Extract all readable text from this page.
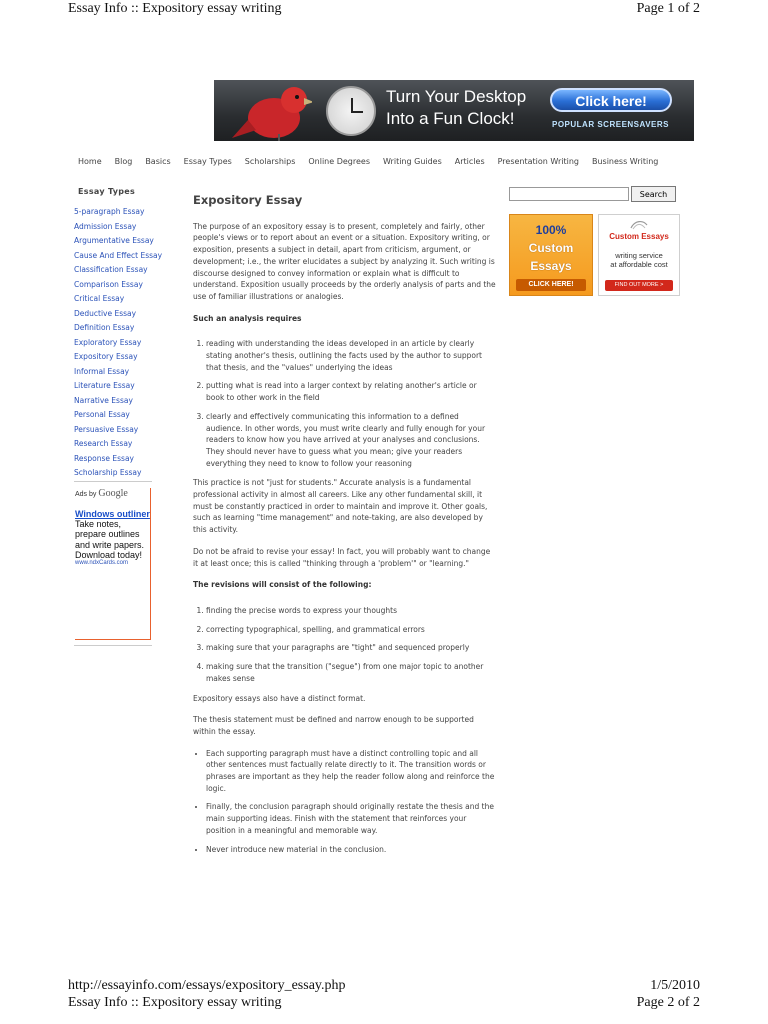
Essay Info :: Expository essay writing	Page 1 of 2
Turn Your Desktop
Into a Fun Clock!
Click here!
POPULAR SCREENSAVERS
Home Blog Basics Essay Types Scholarships Online Degrees Writing Guides Articles Presentation Writing Business Writing
Essay Types
5-paragraph Essay
Admission Essay
Argumentative Essay
Cause And Effect Essay
Classification Essay
Comparison Essay
Critical Essay
Deductive Essay
Definition Essay
Exploratory Essay
Expository Essay
Informal Essay
Literature Essay
Narrative Essay
Personal Essay
Persuasive Essay
Research Essay
Response Essay
Scholarship Essay
Ads by Google
Windows outliner
Take notes, prepare outlines and write papers. Download today!
www.ndxCards.com
Expository Essay

The purpose of an expository essay is to present, completely and fairly, other people's views or to report about an event or a situation. Expository writing, or exposition, presents a subject in detail, apart from criticism, argument, or development; i.e., the writer elucidates a subject by analyzing it. Such writing is discourse designed to convey information or explain what is difficult to understand. Exposition usually proceeds by the orderly analysis of parts and the use of familiar illustrations or analogies.

Such an analysis requires

1. reading with understanding the ideas developed in an article by clearly stating another's thesis, outlining the facts used by the author to support that thesis, and the "values" underlying the ideas
2. putting what is read into a larger context by relating another's article or book to other work in the field
3. clearly and effectively communicating this information to a defined audience. In other words, you must write clearly and fully enough for your readers to know how you have arrived at your analyses and conclusions. They should never have to guess what you mean; give your readers everything they need to know to follow your reasoning

This practice is not "just for students." Accurate analysis is a fundamental professional activity in almost all careers. Like any other fundamental skill, it must be constantly practiced in order to maintain and improve it. Other goals, such as learning "time management" and note-taking, are also developed by this activity.

Do not be afraid to revise your essay! In fact, you will probably want to change it at least once; this is called "thinking through a 'problem'" or "learning."

The revisions will consist of the following:

1. finding the precise words to express your thoughts
2. correcting typographical, spelling, and grammatical errors
3. making sure that your paragraphs are "tight" and sequenced properly
4. making sure that the transition ("segue") from one major topic to another makes sense

Expository essays also have a distinct format.

The thesis statement must be defined and narrow enough to be supported within the essay.

• Each supporting paragraph must have a distinct controlling topic and all other sentences must factually relate directly to it. The transition words or phrases are important as they help the reader follow along and reinforce the logic.
• Finally, the conclusion paragraph should originally restate the thesis and the main supporting ideas. Finish with the statement that reinforces your position in a meaningful and memorable way.
• Never introduce new material in the conclusion.
Search
100%
Custom
Essays
CLICK HERE!
Custom Essays
writing service
at affordable cost
FIND OUT MORE >
http://essayinfo.com/essays/expository_essay.php	1/5/2010
Essay Info :: Expository essay writing	Page 2 of 2
